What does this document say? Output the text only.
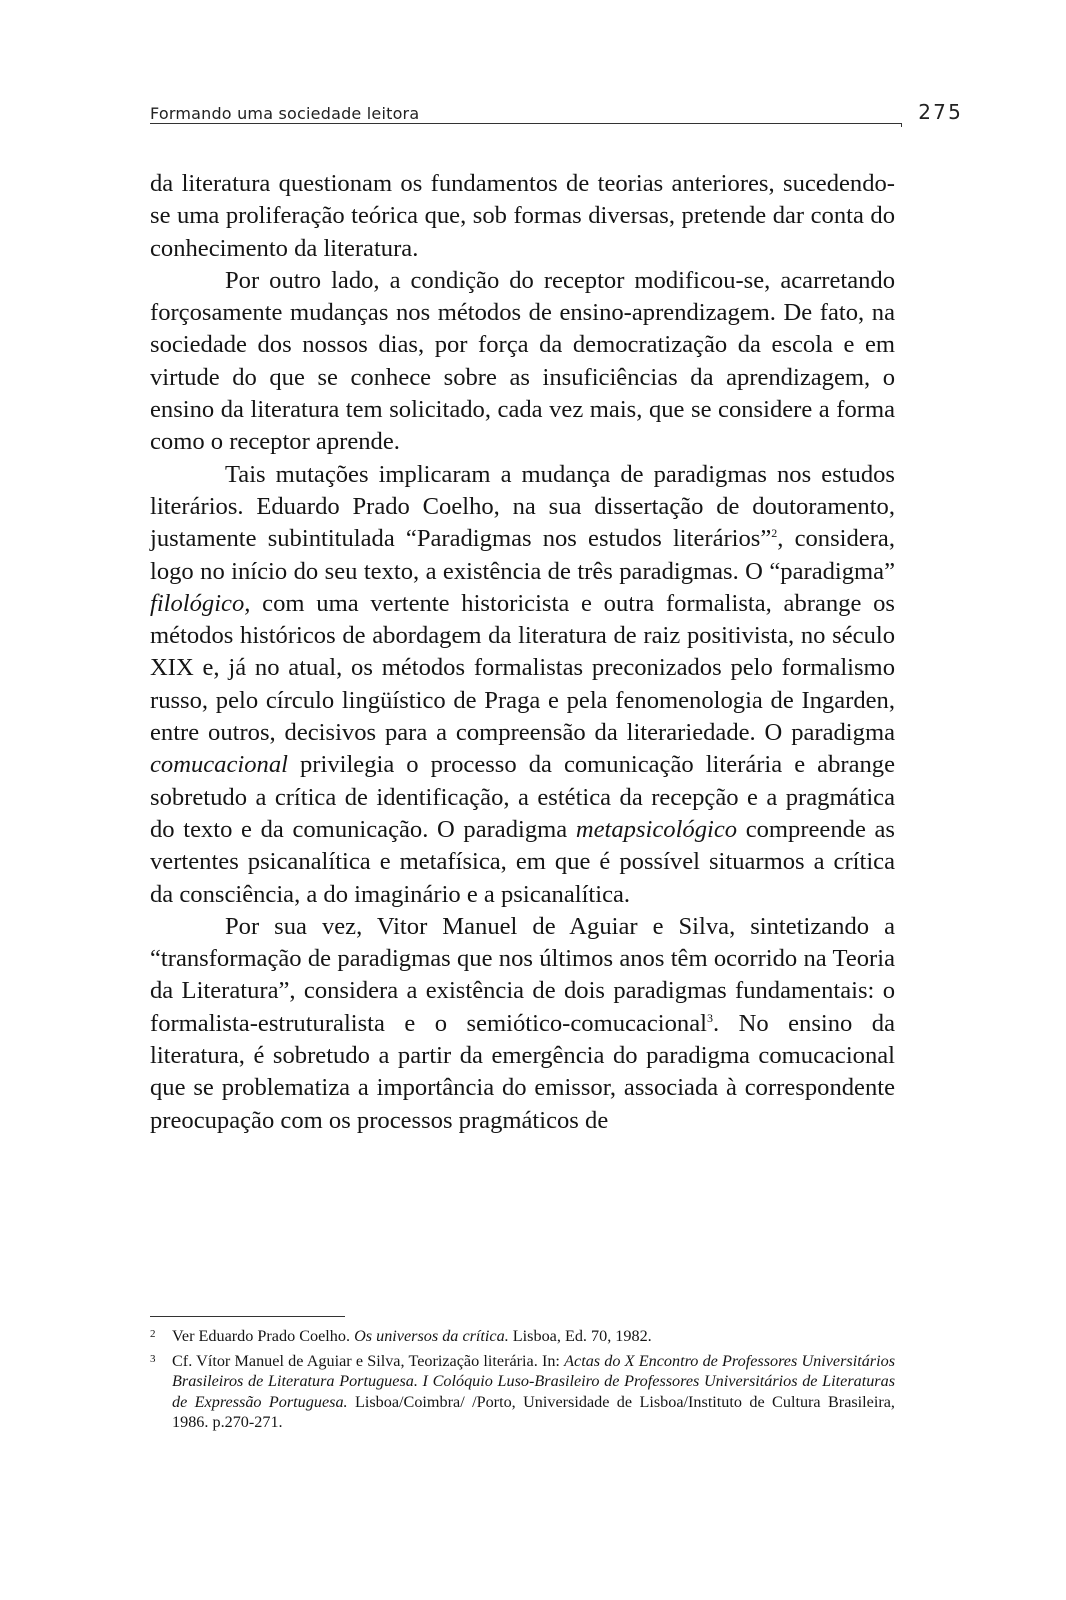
Formando uma sociedade leitora	275

da literatura questionam os fundamentos de teorias anteriores, sucedendo-se uma proliferação teórica que, sob formas diversas, pretende dar conta do conhecimento da literatura.

Por outro lado, a condição do receptor modificou-se, acarretando forçosamente mudanças nos métodos de ensino-aprendizagem. De fato, na sociedade dos nossos dias, por força da democratização da escola e em virtude do que se conhece sobre as insuficiências da aprendizagem, o ensino da literatura tem solicitado, cada vez mais, que se considere a forma como o receptor aprende.

Tais mutações implicaram a mudança de paradigmas nos estudos literários. Eduardo Prado Coelho, na sua dissertação de doutoramento, justamente subintitulada “Paradigmas nos estudos literários”$^2$, considera, logo no início do seu texto, a existência de três paradigmas. O “paradigma” filológico, com uma vertente historicista e outra formalista, abrange os métodos históricos de abordagem da literatura de raiz positivista, no século XIX e, já no atual, os métodos formalistas preconizados pelo formalismo russo, pelo círculo lingüístico de Praga e pela fenomenologia de Ingarden, entre outros, decisivos para a compreensão da literariedade. O paradigma comucacional privilegia o processo da comunicação literária e abrange sobretudo a crítica de identificação, a estética da recepção e a pragmática do texto e da comunicação. O paradigma metapsicológico compreende as vertentes psicanalítica e metafísica, em que é possível situarmos a crítica da consciência, a do imaginário e a psicanalítica.

Por sua vez, Vitor Manuel de Aguiar e Silva, sintetizando a “transformação de paradigmas que nos últimos anos têm ocorrido na Teoria da Literatura”, considera a existência de dois paradigmas fundamentais: o formalista-estruturalista e o semiótico-comucacional$^3$. No ensino da literatura, é sobretudo a partir da emergência do paradigma comucacional que se problematiza a importância do emissor, associada à correspondente preocupação com os processos pragmáticos de

2 Ver Eduardo Prado Coelho. Os universos da crítica. Lisboa, Ed. 70, 1982.

3 Cf. Vítor Manuel de Aguiar e Silva, Teorização literária. In: Actas do X Encontro de Professores Universitários Brasileiros de Literatura Portuguesa. I Colóquio Luso-Brasileiro de Professores Universitários de Literaturas de Expressão Portuguesa. Lisboa/Coimbra/ /Porto, Universidade de Lisboa/Instituto de Cultura Brasileira, 1986. p.270-271.
